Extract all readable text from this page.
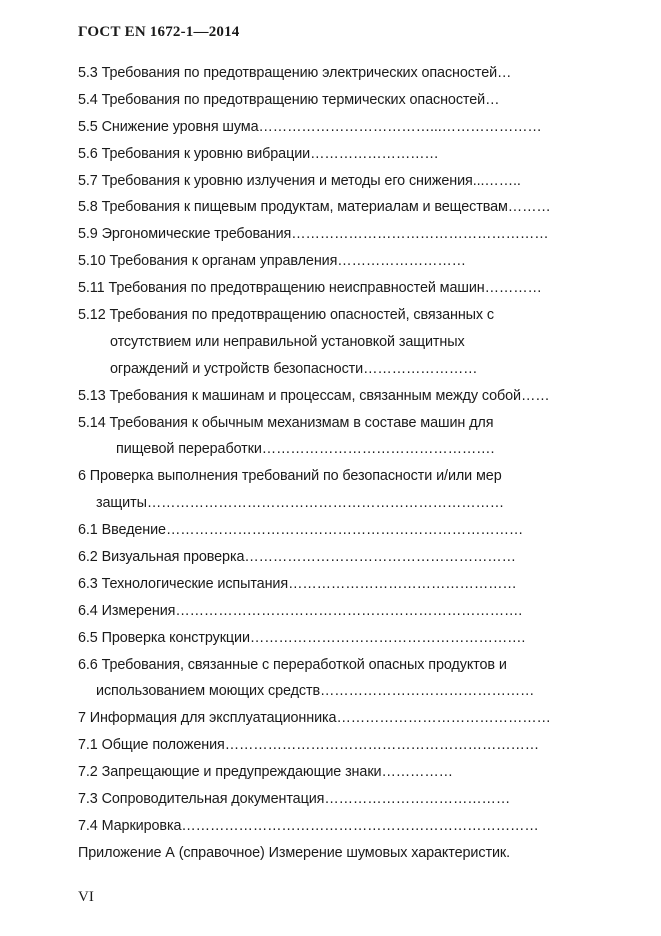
ГОСТ EN 1672-1—2014
5.3 Требования по предотвращению электрических опасностей…
5.4 Требования по предотвращению термических опасностей…
5.5 Снижение уровня шума………………………………...…………………
5.6 Требования к уровню вибрации………………………
5.7 Требования к уровню излучения и методы его снижения...……..
5.8 Требования к пищевым продуктам, материалам и веществам………
5.9 Эргономические требования………………………………………………
5.10 Требования к органам управления………………………
5.11 Требования по предотвращению неисправностей машин…………
5.12 Требования по предотвращению опасностей, связанных с
отсутствием или неправильной установкой защитных
ограждений и устройств безопасности……………………
5.13 Требования к машинам и процессам, связанным между собой……
5.14 Требования к обычным механизмам в составе машин для
пищевой переработки………………………………………….
6 Проверка выполнения требований по безопасности и/или мер
защиты…………………………………………………………………
6.1 Введение…………………………………………………………………
6.2 Визуальная проверка…………………………………………………
6.3 Технологические испытания…………………………………………
6.4 Измерения……………………………………………………………….
6.5 Проверка конструкции………………………………………………….
6.6 Требования, связанные с переработкой опасных продуктов и
использованием моющих средств………………………………………
7 Информация для эксплуатационника………………………………………
7.1 Общие положения…………………………………………………………
7.2 Запрещающие и предупреждающие знаки……………
7.3 Сопроводительная документация…………………………………
7.4 Маркировка…………………………………………………………………
Приложение А (справочное) Измерение шумовых характеристик.
VI
